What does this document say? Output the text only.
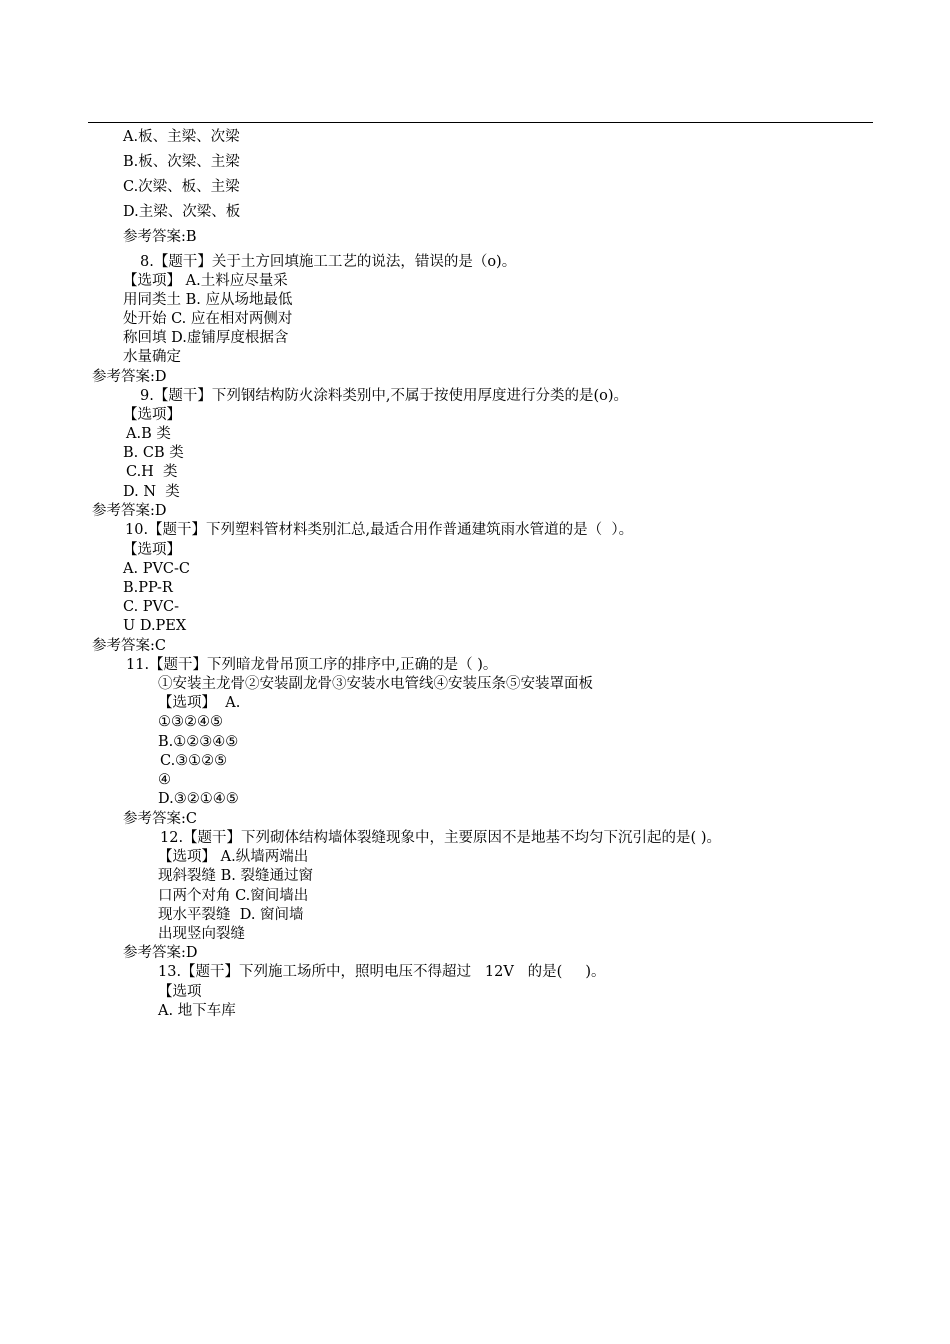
A.板、主梁、次梁
B.板、次梁、主梁
C.次梁、板、主梁
D.主梁、次梁、板
参考答案:B
8.【题干】关于土方回填施工工艺的说法，错误的是（ο)。
【选项】 A.土料应尽量采
用同类土 B. 应从场地最低
处开始 C. 应在相对两侧对
称回填 D.虚铺厚度根据含
水量确定
参考答案:D
9.【题干】下列钢结构防火涂料类别中,不属于按使用厚度进行分类的是(ο)。
【选项】
A.B 类
B. CB 类
C.H  类
D. N  类
参考答案:D
10.【题干】下列塑料管材料类别汇总,最适合用作普通建筑雨水管道的是（  ）。
【选项】
A. PVC-C
B.PP-R
C. PVC-
U D.PEX
参考答案:C
11.【题干】下列暗龙骨吊顶工序的排序中,正确的是（ )。
①安装主龙骨②安装副龙骨③安装水电管线④安装压条⑤安装罩面板
【选项】  A.
①③②④⑤
B.①②③④⑤
C.③①②⑤
④
D.③②①④⑤
参考答案:C
12.【题干】下列砌体结构墙体裂缝现象中，主要原因不是地基不均匀下沉引起的是( )。
【选项】 A.纵墙两端出
现斜裂缝 B. 裂缝通过窗
口两个对角 C.窗间墙出
现水平裂缝  D. 窗间墙
出现竖向裂缝
参考答案:D
13.【题干】下列施工场所中，照明电压不得超过   12V   的是(     )。
【选项
A. 地下车库
